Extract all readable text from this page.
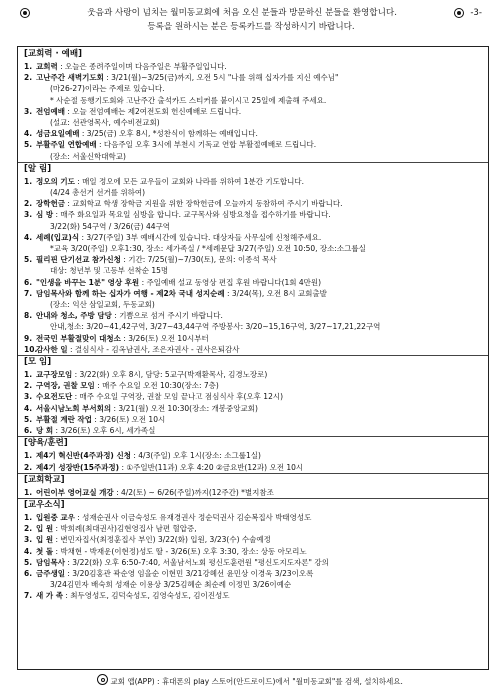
웃음과 사랑이 넘치는 월미동교회에 처음 오신 분들과 방문하신 분들을 환영합니다.	-3-
등록을 원하시는 분은 등록카드를 작성하시기 바랍니다.
[교회력 · 예배]
1. 교회력 : 오늘은 종려주일이며 다음주일은 부활주일입니다.
2. 고난주간 새벽기도회 : 3/21(월)~3/25(금)까지, 오전 5시 "나를 위해 십자가를 지신 예수님"
(마26-27)이라는 주제로 있습니다.
* 사순절 동행기도회와 고난주간 출석카드 스티커를 붙이시고 25일에 제출해 주세요.
3. 전엄예배 : 오늘 전엄예배는 제2여전도회 헌신예배로 드립니다.
(설교: 선관영목사, 예수비전교회)
4. 성금요일예배 : 3/25(금) 오후 8시, *성찬식이 함께하는 예배입니다.
5. 부활주일 연합예배 : 다음주일 오후 3시에 부천시 기독교 연합 부활절예배로 드립니다.
(장소: 서울신학대학교)
[알 림]
1. 정오의 기도 : 매일 정오에 모든 교우들이 교회와 나라를 위하여 1분간 기도합니다.
(4/24 총선거 선거를 위하여)
2. 장학헌금 : 교회학교 학생 장학금 지원을 위한 장학헌금에 오늘까지 동참하여 주시기 바랍니다.
3. 심 방 : 매주 화요일과 목요일 심방을 합니다. 교구목사와 심방요청을 접수하기를 바랍니다.
3/22(화) 54구역 / 3/26(금) 44구역
4. 세례(입교)식 : 3/27(주일) 3부 예배시간에 있습니다. 대상자들 사무실에 신청해주세요.
*교육 3/20(주일) 오후1:30, 장소: 세가족실 / *세례문답 3/27(주일) 오전 10:50, 장소:소그룹실
5. 필리핀 단기선교 참가신청 : 기간: 7/25(월)~7/30(토), 문의: 이종석 목사
대상: 청년부 및 고등부 선착순 15명
6. "인생을 바꾸는 1분" 영상 후원 : 주일예배 설교 동영상 편집 후원 바랍니다(1회 4만원)
7. 담임목사와 함께 하는 십자가 여행 - 제2차 국내 성지순례 : 3/24(목), 오전 8시 교회출발
(장소: 익산 삼일교회, 두동교회)
8. 안내와 청소, 주방 담당 : 기쁨으로 섬겨 주시기 바랍니다.
안내,청소: 3/20~41,42구역, 3/27~43,44구역 주방봉사: 3/20~15,16구역, 3/27~17,21,22구역
9. 전국민 부활절맞이 대청소 : 3/26(토) 오전 10시부터
10.
감사한 일 : 결심식사 - 김옥남권사, 조은자권사 - 권사은퇴감사
[모 임]
1. 교구장모임 : 3/22(화) 오후 8시, 담당: 5교구(박재환목사, 김경노장로)
2. 구역장, 권찰 모임 : 매주 수요일 오전 10:30(장소: 7층)
3. 수요전도단 : 매주 수요일 구역장, 권찰 모임 끝나고 점심식사 후(오후 12시)
4. 서울시남노회 부서회의 : 3/21(월) 오전 10:30(장소: 개봉중앙교회)
5. 부활절 계란 작업 : 3/26(토) 오전 10시
6. 당 회 : 3/26(토) 오후 6시, 세가족실
[양육/훈련]
1. 제4기 혁신반(4주과정) 신청 : 4/3(주일) 오후 1시(장소: 소그룹1실)
2. 제4기 성장반(15주과정) : ①주일반(11과) 오후 4:20 ②금요반(12과) 오전 10시
[교회학교]
1. 어린이부 영어교실 개강 : 4/2(토) ~ 6/26(주일)까지(12주간) *별지참조
[교우소식]
1. 입원중 교우 : 성재순권사 이금숙성도 유재경권사 정순덕권사 김순복집사 박태영성도
2. 입 원 : 박희례(최대권사)김현영집사 남편 혈압증,
3. 입 원 : 변민자집사(최정훈집사 부인) 3/22(화) 입원, 3/23(수) 수술예정
4. 첫 돌 : 박채현 - 박재운(이현정)성도 딸 - 3/26(토) 오후 3:30, 장소: 상동 아모리노
5. 담임목사 : 3/22(화) 오후 6:50-7:40, 서울남서노회 평신도훈련원 "평신도지도자론" 강의
6. 금주생일 : 3/20김홍관 곽순영 임을순 이현민 3/21강혜선 윤민상 이경욱 3/23이오록
3/24김민자 배숙희 성재순 이용상 3/25김혜순 최순례 이정민 3/26이예순
7. 새 가 족 : 최두영성도, 김덕숙성도, 김영숙성도, 김이진성도
교회 앱(APP) : 휴대폰의 play 스토어(안드로이드)에서 "월미동교회"를 검색, 설치하세요.
